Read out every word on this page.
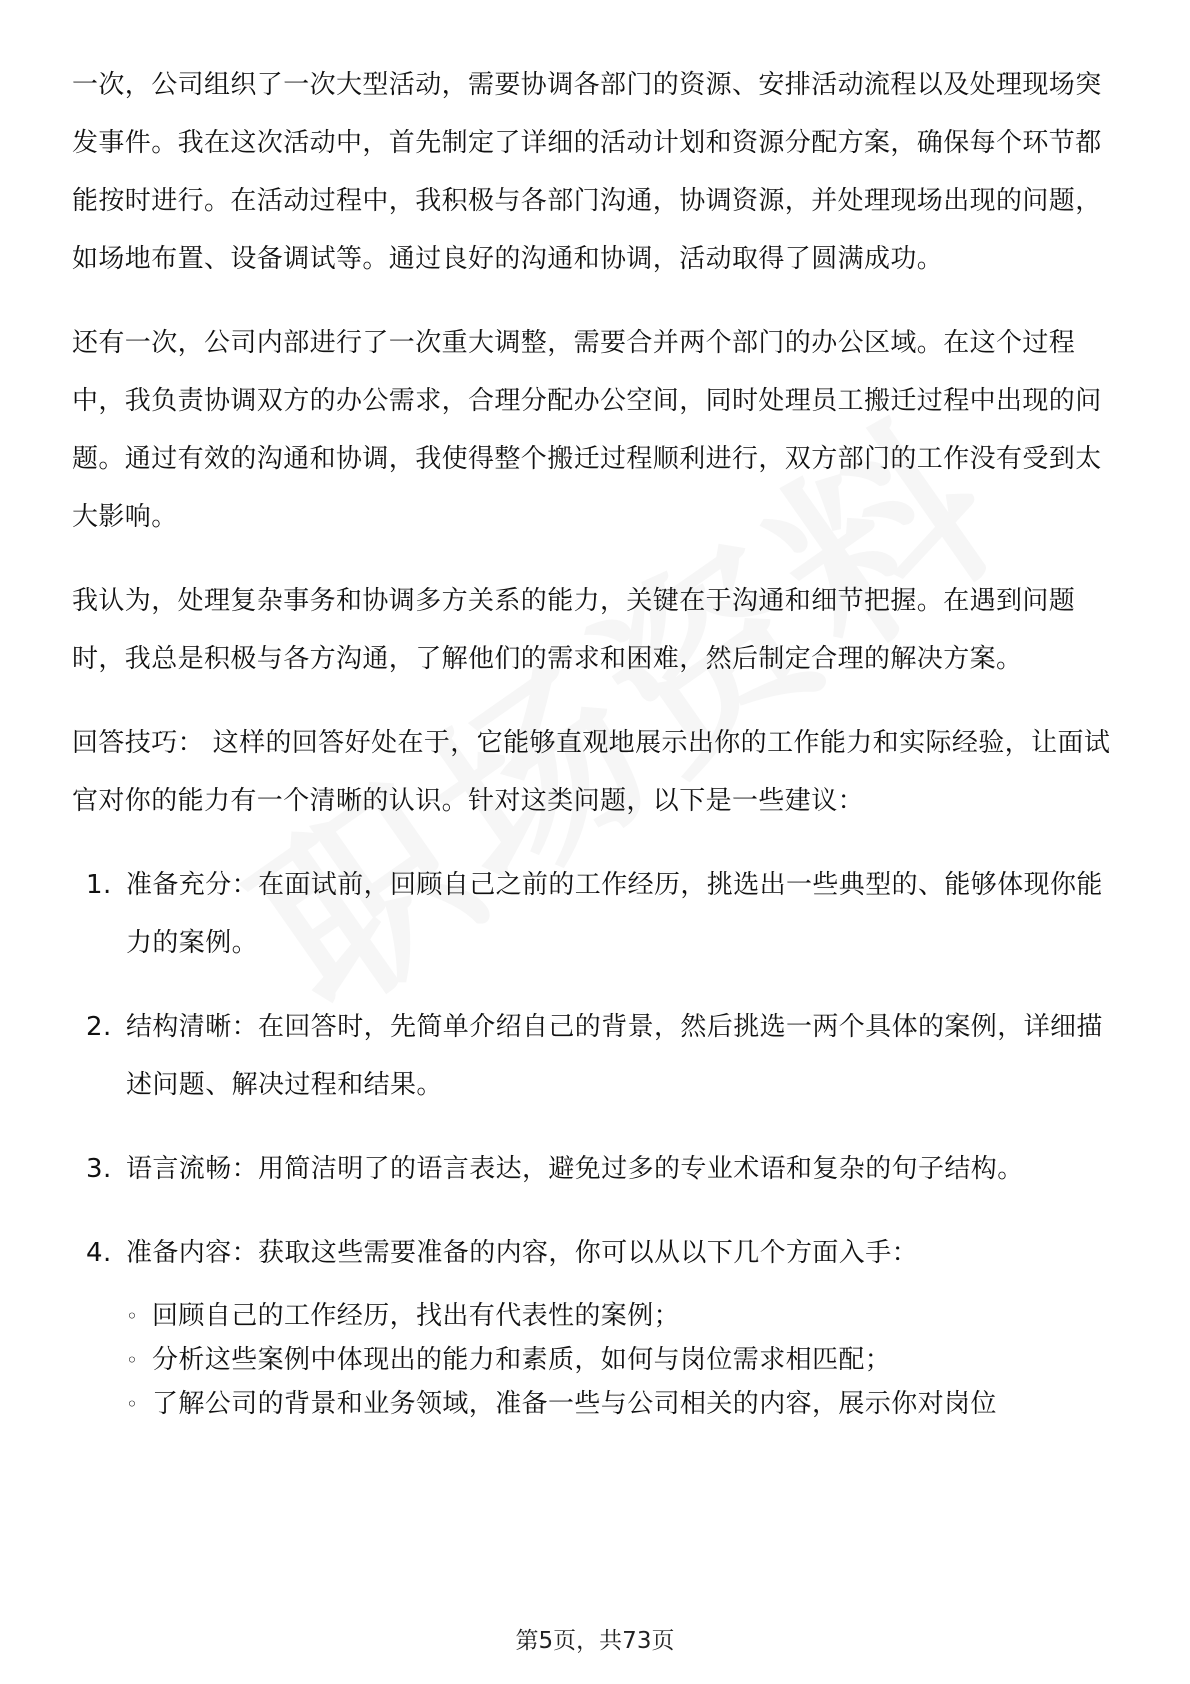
一次，公司组织了一次大型活动，需要协调各部门的资源、安排活动流程以及处理现场突发事件。我在这次活动中，首先制定了详细的活动计划和资源分配方案，确保每个环节都能按时进行。在活动过程中，我积极与各部门沟通，协调资源，并处理现场出现的问题，如场地布置、设备调试等。通过良好的沟通和协调，活动取得了圆满成功。

还有一次，公司内部进行了一次重大调整，需要合并两个部门的办公区域。在这个过程中，我负责协调双方的办公需求，合理分配办公空间，同时处理员工搬迁过程中出现的问题。通过有效的沟通和协调，我使得整个搬迁过程顺利进行，双方部门的工作没有受到太大影响。

我认为，处理复杂事务和协调多方关系的能力，关键在于沟通和细节把握。在遇到问题时，我总是积极与各方沟通，了解他们的需求和困难，然后制定合理的解决方案。

回答技巧： 这样的回答好处在于，它能够直观地展示出你的工作能力和实际经验，让面试官对你的能力有一个清晰的认识。针对这类问题，以下是一些建议：

1. 准备充分：在面试前，回顾自己之前的工作经历，挑选出一些典型的、能够体现你能力的案例。
2. 结构清晰：在回答时，先简单介绍自己的背景，然后挑选一两个具体的案例，详细描述问题、解决过程和结果。
3. 语言流畅：用简洁明了的语言表达，避免过多的专业术语和复杂的句子结构。
4. 准备内容：获取这些需要准备的内容，你可以从以下几个方面入手：
◦ 回顾自己的工作经历，找出有代表性的案例；
◦ 分析这些案例中体现出的能力和素质，如何与岗位需求相匹配；
◦ 了解公司的背景和业务领域，准备一些与公司相关的内容，展示你对岗位
第5页，共73页
